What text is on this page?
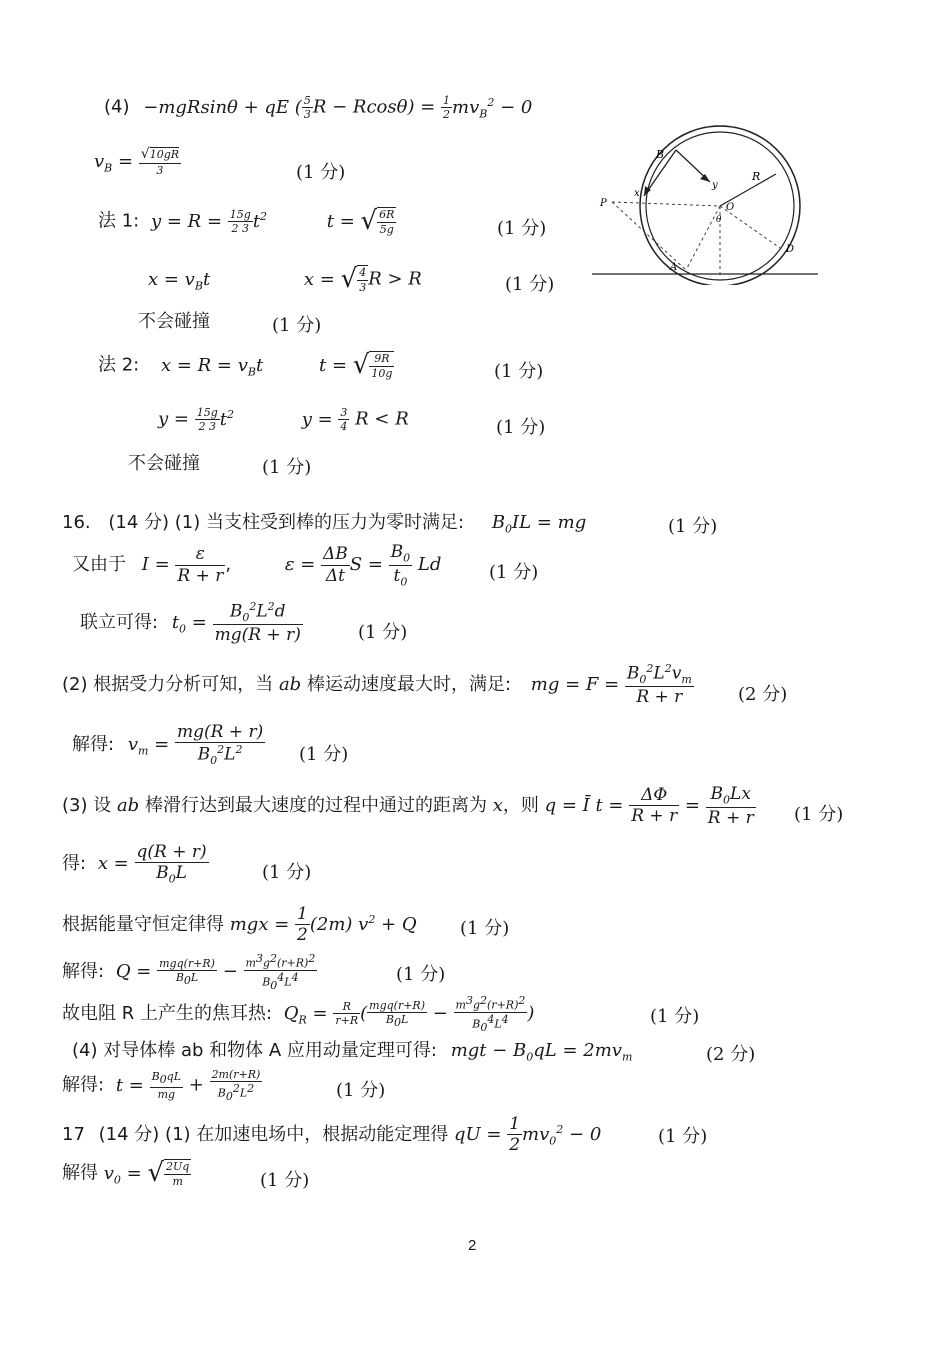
(4) −mgRsinθ + qE ( $\frac{5}{3}$ $R - Rcos\theta) = \frac{1}{2} mv_B^2 - 0$
$v_B = \frac{√10gR}{3}$	(1 分)
法 1: $y = R = \frac{15g}{2 3} t^2$	t = √ $\frac{6R}{5g}$	(1 分)
$x = v_Bt$	x = √ $\frac{4}{3}$ R > R	(1 分)
不会碰撞	(1 分)
法 2: $x = R = v_Bt$	t = √ $\frac{9R}{10g}$	(1 分)
$y = \frac{15g}{2 3} t^2$	$y = \frac{3}{4}$ R < R	(1 分)
不会碰撞	(1 分)
B
x
y
R
P	O
θ
D
A
16. (14 分) (1) 当支柱受到棒的压力为零时满足: $B_0IL$ = mg	(1 分)
又由于 $I = \frac{\varepsilon}{R + r}$ ,	$\varepsilon = \frac{\Delta B}{\Delta t}$ $S = \frac{B_0}{t_0}$ Ld	(1 分)
联立可得: $t_0 = \frac{B_0^2L^2d}{mg(R + r)}$	(1 分)
(2) 根据受力分析可知，当 ab 棒运动速度最大时，满足: mg = $F = \frac{B_0^2L^2v_m}{R + r} (2$ 分)
解得: $v_m = \frac{mg(R + r)}{B_0^2L^2} (1$ 分)
(3) 设 ab 棒滑行达到最大速度的过程中通过的距离为 x，则 q = Ī $t = \frac{\Delta\Phi}{R + r} = \frac{B_0Lx}{R + r} (1$ 分)
得: $x = \frac{q(R + r)}{B_0L}$	(1 分)
根据能量守恒定律得 mgx = $\frac{1}{2} (2m) v^2 + Q$ (1 分)
解得: $Q = \frac{\text{mgq(r+R)}}{B_0L} - \frac{m^3g^2(r+R)^2}{B_0^4L^4}$	(1 分)
故电阻 R 上产生的焦耳热: $Q_R = \frac{R}{r+R}$ ( $\frac{\text{mgq(r+R)}}{B_0L} - \frac{m^3g^2(r+R)^2}{B_0^4L^4}$ )	(1 分)
(4) 对导体棒 ab 和物体 A 应用动量定理可得: mgt − $B_0qL = 2mv_m$	(2 分)
解得: $t = \frac{B_0qL}{mg} + \frac{2m(r+R)}{B_0^2L^2}$	(1 分)
17 (14 分) (1) 在加速电场中，根据动能定理得 qU = $\frac{1}{2} mv_0^2 - 0$	(1 分)
解得 $v_0$ = √ $\frac{2Uq}{m}$	(1 分)
2
